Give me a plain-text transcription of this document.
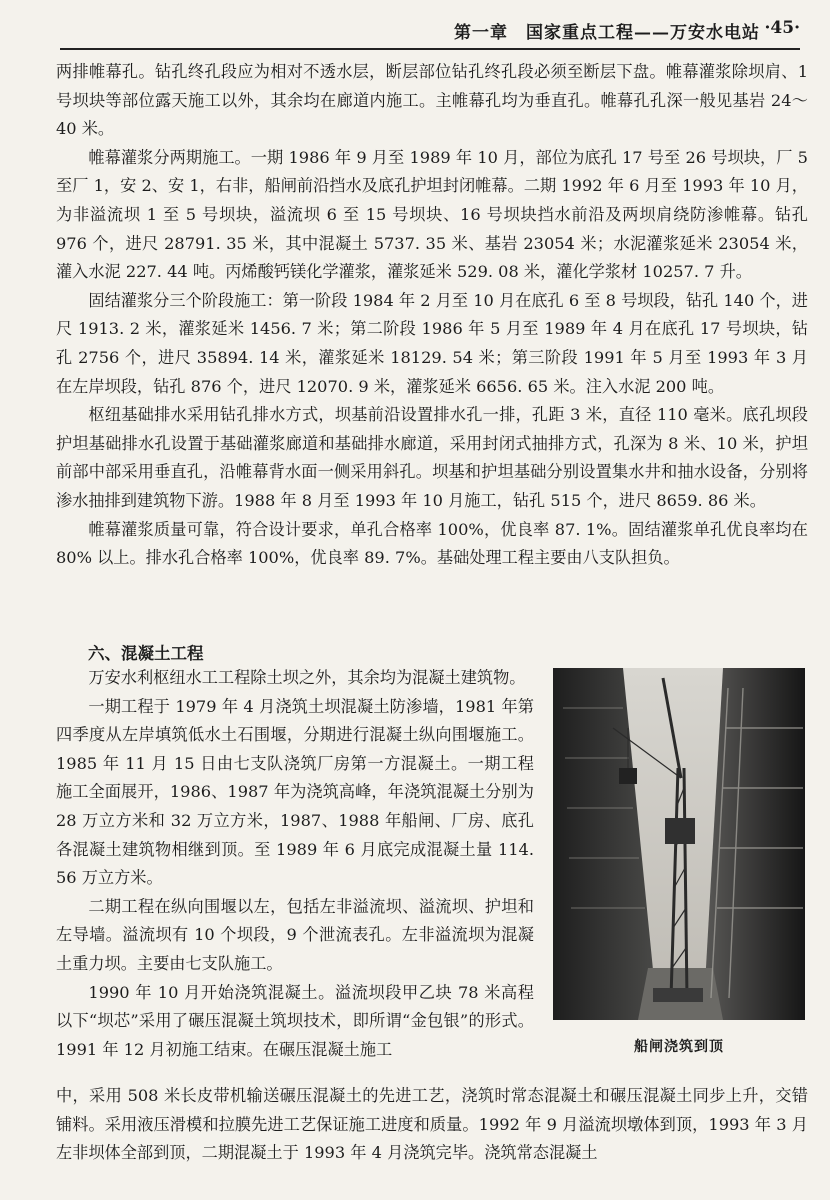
第一章　国家重点工程——万安水电站 ·45·

两排帷幕孔。钻孔终孔段应为相对不透水层，断层部位钻孔终孔段必须至断层下盘。帷幕灌浆除坝肩、1 号坝块等部位露天施工以外，其余均在廊道内施工。主帷幕孔均为垂直孔。帷幕孔孔深一般见基岩 24～40 米。

帷幕灌浆分两期施工。一期 1986 年 9 月至 1989 年 10 月，部位为底孔 17 号至 26 号坝块，厂 5 至厂 1，安 2、安 1，右非，船闸前沿挡水及底孔护坦封闭帷幕。二期 1992 年 6 月至 1993 年 10 月，为非溢流坝 1 至 5 号坝块，溢流坝 6 至 15 号坝块、16 号坝块挡水前沿及两坝肩绕防渗帷幕。钻孔 976 个，进尺 28791. 35 米，其中混凝土 5737. 35 米、基岩 23054 米；水泥灌浆延米 23054 米，灌入水泥 227. 44 吨。丙烯酸钙镁化学灌浆，灌浆延米 529. 08 米，灌化学浆材 10257. 7 升。

固结灌浆分三个阶段施工：第一阶段 1984 年 2 月至 10 月在底孔 6 至 8 号坝段，钻孔 140 个，进尺 1913. 2 米，灌浆延米 1456. 7 米；第二阶段 1986 年 5 月至 1989 年 4 月在底孔 17 号坝块，钻孔 2756 个，进尺 35894. 14 米，灌浆延米 18129. 54 米；第三阶段 1991 年 5 月至 1993 年 3 月在左岸坝段，钻孔 876 个，进尺 12070. 9 米，灌浆延米 6656. 65 米。注入水泥 200 吨。

枢纽基础排水采用钻孔排水方式，坝基前沿设置排水孔一排，孔距 3 米，直径 110 毫米。底孔坝段护坦基础排水孔设置于基础灌浆廊道和基础排水廊道，采用封闭式抽排方式，孔深为 8 米、10 米，护坦前部中部采用垂直孔，沿帷幕背水面一侧采用斜孔。坝基和护坦基础分别设置集水井和抽水设备，分别将渗水抽排到建筑物下游。1988 年 8 月至 1993 年 10 月施工，钻孔 515 个，进尺 8659. 86 米。

帷幕灌浆质量可靠，符合设计要求，单孔合格率 100%，优良率 87. 1%。固结灌浆单孔优良率均在 80% 以上。排水孔合格率 100%，优良率 89. 7%。基础处理工程主要由八支队担负。

六、混凝土工程

万安水利枢纽水工工程除土坝之外，其余均为混凝土建筑物。

一期工程于 1979 年 4 月浇筑土坝混凝土防渗墙，1981 年第四季度从左岸填筑低水土石围堰，分期进行混凝土纵向围堰施工。1985 年 11 月 15 日由七支队浇筑厂房第一方混凝土。一期工程施工全面展开，1986、1987 年为浇筑高峰，年浇筑混凝土分别为 28 万立方米和 32 万立方米，1987、1988 年船闸、厂房、底孔各混凝土建筑物相继到顶。至 1989 年 6 月底完成混凝土量 114. 56 万立方米。

二期工程在纵向围堰以左，包括左非溢流坝、溢流坝、护坦和左导墙。溢流坝有 10 个坝段，9 个泄流表孔。左非溢流坝为混凝土重力坝。主要由七支队施工。

1990 年 10 月开始浇筑混凝土。溢流坝段甲乙块 78 米高程以下“坝芯”采用了碾压混凝土筑坝技术，即所谓“金包银”的形式。1991 年 12 月初施工结束。在碾压混凝土施工	船闸浇筑到顶

中，采用 508 米长皮带机输送碾压混凝土的先进工艺，浇筑时常态混凝土和碾压混凝土同步上升，交错铺料。采用液压滑模和拉膜先进工艺保证施工进度和质量。1992 年 9 月溢流坝墩体到顶，1993 年 3 月左非坝体全部到顶，二期混凝土于 1993 年 4 月浇筑完毕。浇筑常态混凝土
